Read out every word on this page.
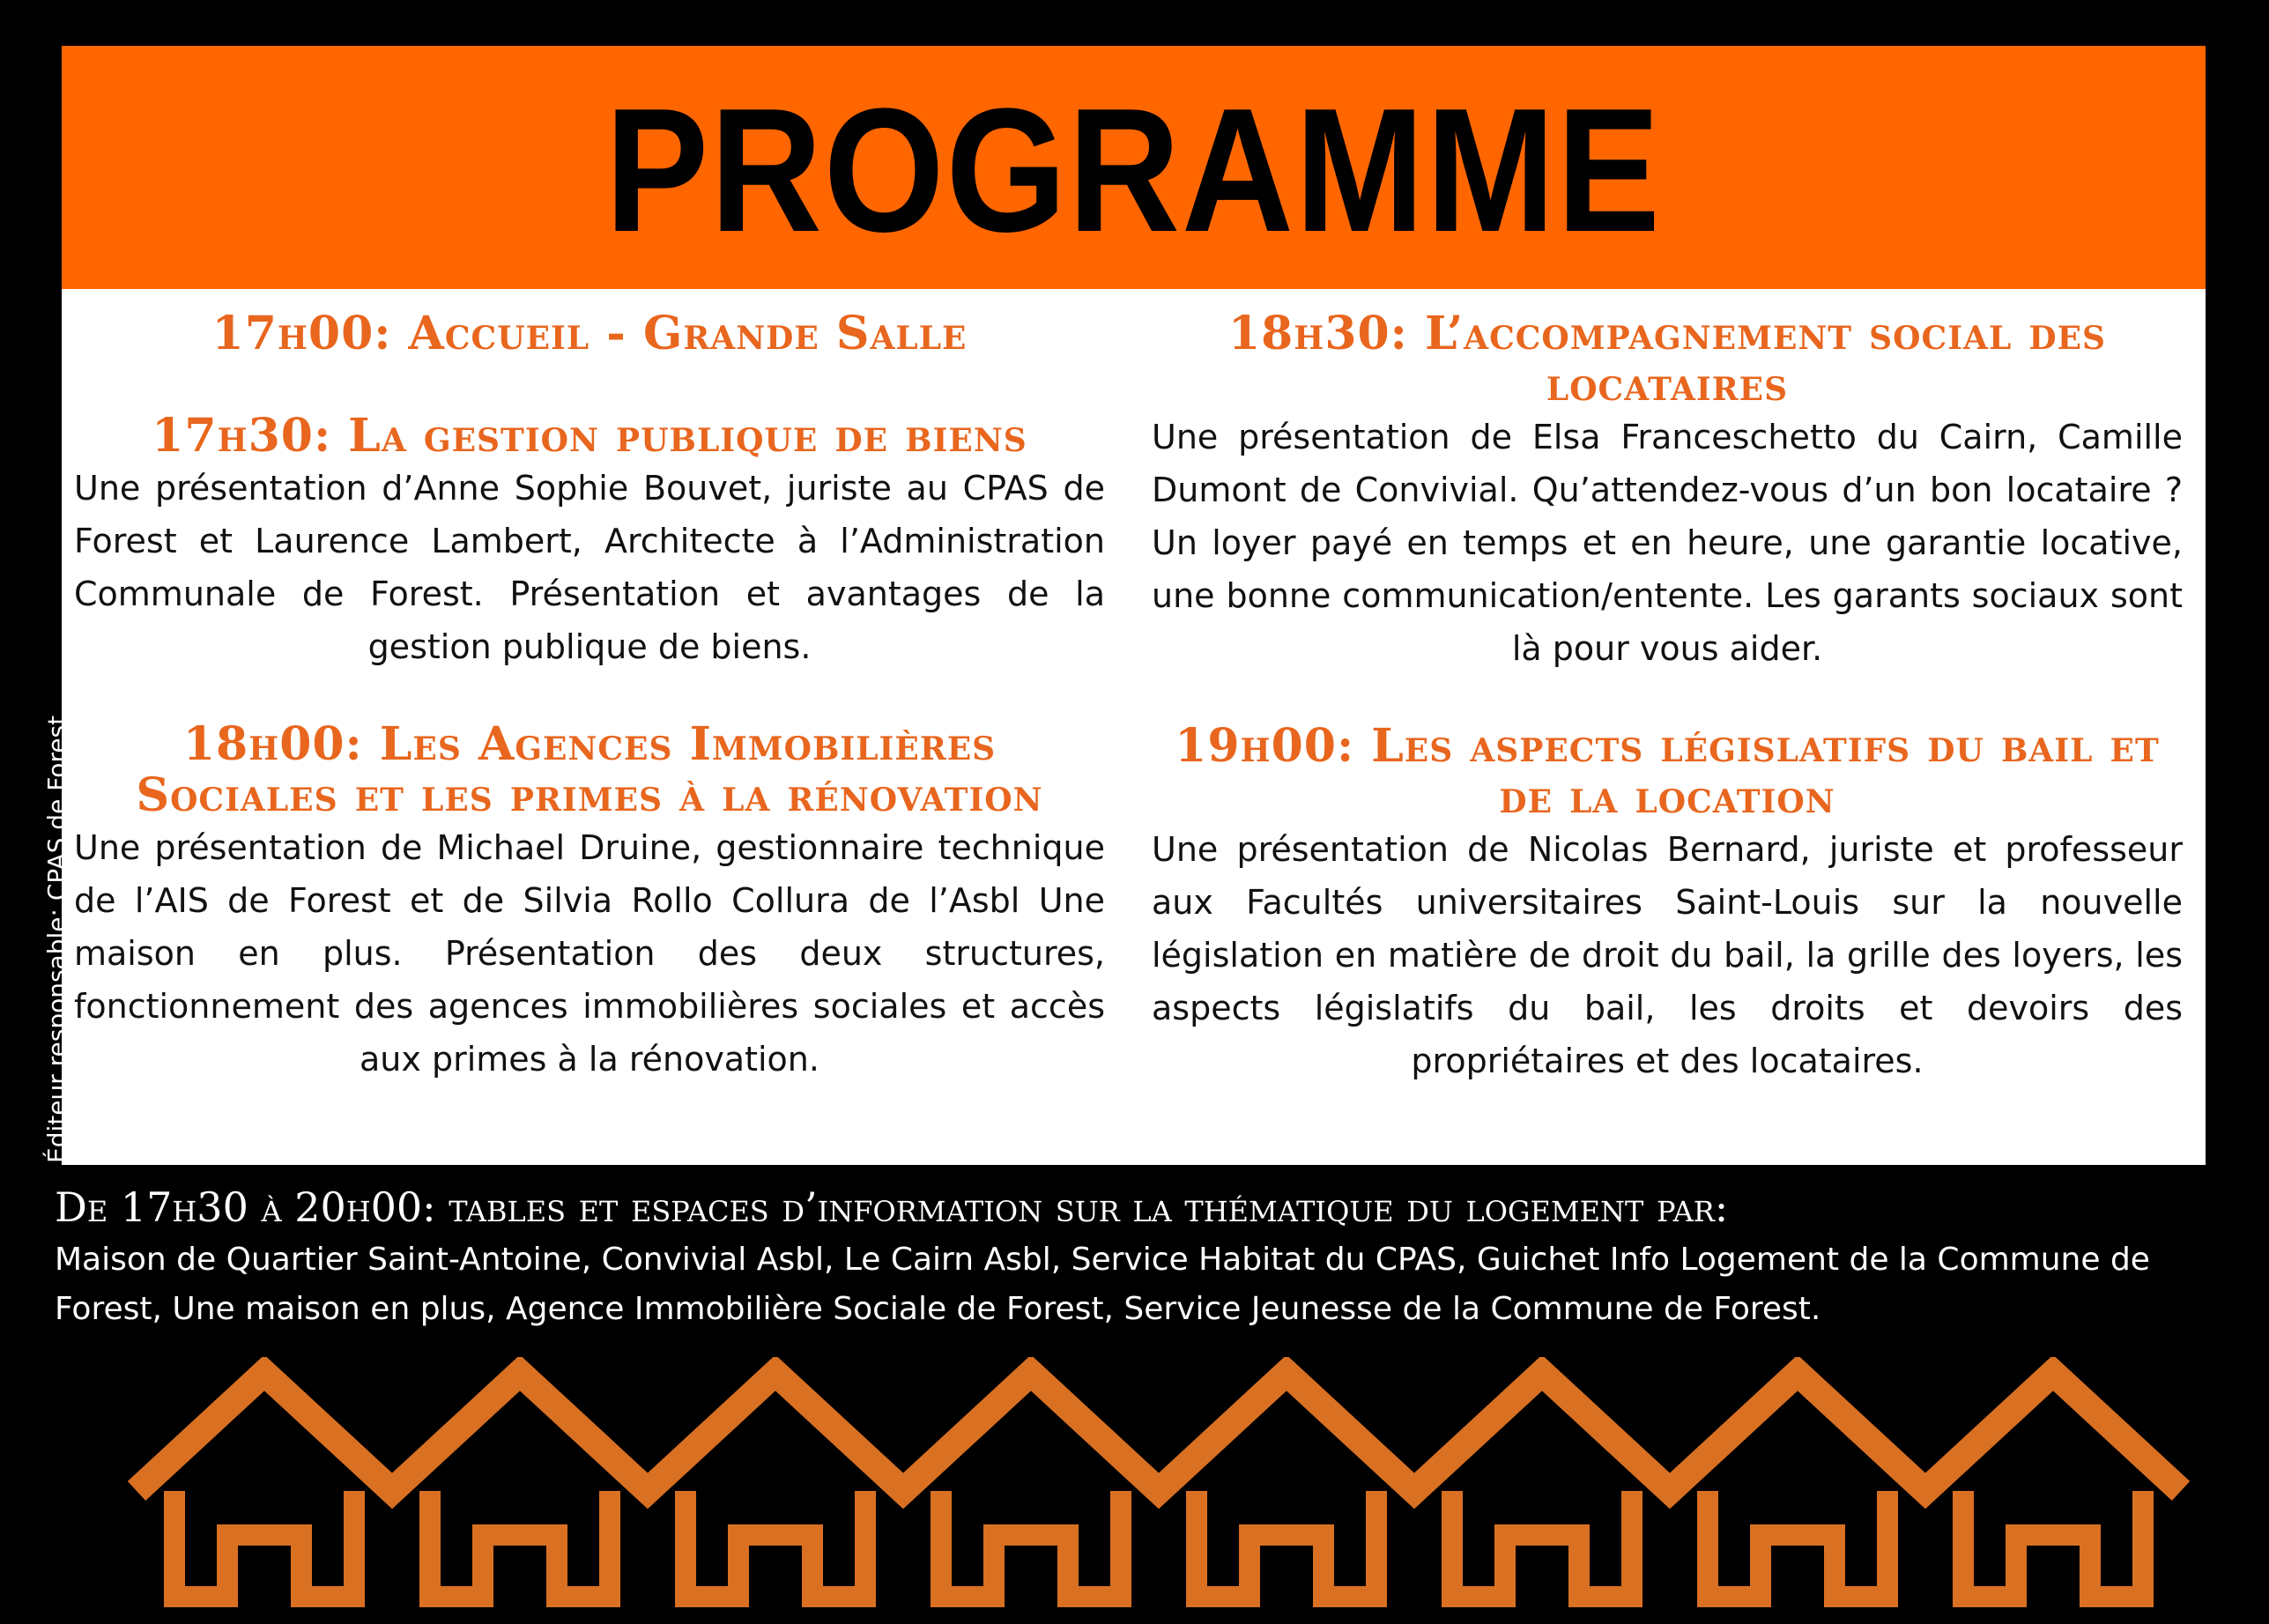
PROGRAMME
17h00: Accueil - Grande Salle
17h30: La gestion publique de biens

Une présentation d’Anne Sophie Bouvet, juriste au CPAS de Forest et Laurence Lambert, Architecte à l’Administration Communale de Forest. Présentation et avantages de la gestion publique de biens.

18h00: Les Agences Immobilières Sociales et les primes à la rénovation

Une présentation de Michael Druine, gestionnaire technique de l’AIS de Forest et de Silvia Rollo Collura de l’Asbl Une maison en plus. Présentation des deux structures, fonctionnement des agences immobilières sociales et accès aux primes à la rénovation.

18h30: L’accompagnement social des locataires

Une présentation de Elsa Franceschetto du Cairn, Camille Dumont de Convivial. Qu’attendez-vous d’un bon locataire ? Un loyer payé en temps et en heure, une garantie locative, une bonne communication/entente. Les garants sociaux sont là pour vous aider.

19h00: Les aspects législatifs du bail et de la location

Une présentation de Nicolas Bernard, juriste et professeur aux Facultés universitaires Saint-Louis sur la nouvelle législation en matière de droit du bail, la grille des loyers, les aspects législatifs du bail, les droits et devoirs des propriétaires et des locataires.

De 17h30 à 20h00: tables et espaces d’information sur la thématique du logement par:
Maison de Quartier Saint-Antoine, Convivial Asbl, Le Cairn Asbl, Service Habitat du CPAS, Guichet Info Logement de la Commune de Forest, Une maison en plus, Agence Immobilière Sociale de Forest, Service Jeunesse de la Commune de Forest.
Éditeur responsable: CPAS de Forest
